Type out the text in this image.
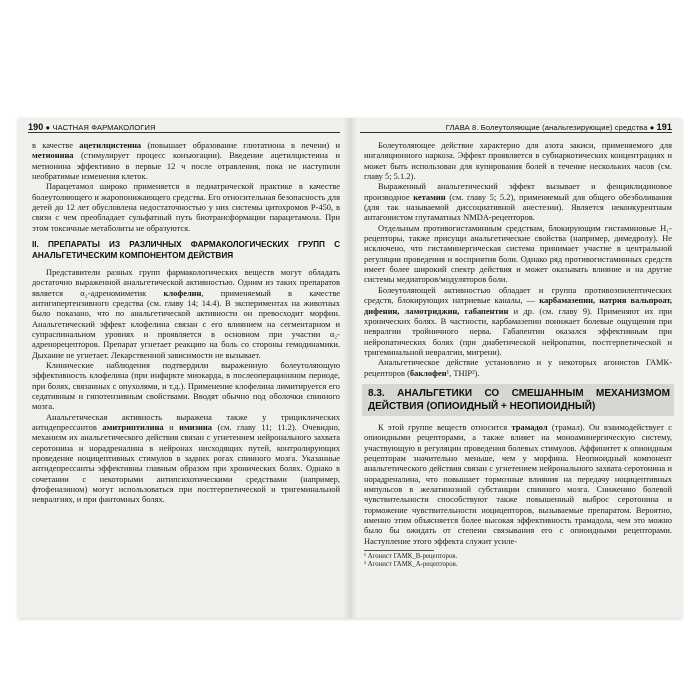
190 ● ЧАСТНАЯ ФАРМАКОЛОГИЯ

в качестве ацетилцистеина (повышает образование глютатиона в печени) и метионина (стимулирует процесс конъюгации). Введение ацетилцистеина и метионина эффективно в первые 12 ч после отравления, пока не наступили необратимые изменения клеток.

Парацетамол широко применяется в педиатрической практике в качестве болеутоляющего и жаропонижающего средства. Его относительная безопасность для детей до 12 лет обусловлена недостаточностью у них системы цитохромов Р-450, в связи с чем преобладает сульфатный путь биотрансформации парацетамола. При этом токсичные метаболиты не образуются.

II. ПРЕПАРАТЫ ИЗ РАЗЛИЧНЫХ ФАРМАКОЛОГИЧЕСКИХ ГРУПП С АНАЛЬГЕТИЧЕСКИМ КОМПОНЕНТОМ ДЕЙСТВИЯ

Представители разных групп фармакологических веществ могут обладать достаточно выраженной анальгетической активностью. Одним из таких препаратов является α₂-адреномиметик клофелин, применяемый в качестве антигипертензивного средства (см. главу 14; 14.4). В экспериментах на животных было показано, что по анальгетической активности он превосходит морфин. Анальгетический эффект клофелина связан с его влиянием на сегментарном и супраспинальном уровнях и проявляется в основном при участии α₂-адренорецепторов. Препарат угнетает реакцию на боль со стороны гемодинамики. Дыхание не угнетает. Лекарственной зависимости не вызывает.

Клинические наблюдения подтвердили выраженную болеутоляющую эффективность клофелина (при инфаркте миокарда, в послеоперационном периоде, при болях, связанных с опухолями, и т.д.). Применение клофелина лимитируется его седативным и гипотензивным свойствами. Вводят обычно под оболочки спинного мозга.

Анальгетическая активность выражена также у трициклических антидепрессантов амитриптилина и имизина (см. главу 11; 11.2). Очевидно, механизм их анальгетического действия связан с угнетением нейронального захвата серотонина и норадреналина в нейронах нисходящих путей, контролирующих проведение ноцицептивных стимулов в задних рогах спинного мозга. Указанные антидепрессанты эффективны главным образом при хронических болях. Однако в сочетании с некоторыми антипсихотическими средствами (например, фтофеназином) могут использоваться при постгерпетической и тригеминальной невралгиях, и при фантомных болях.

ГЛАВА 8. Болеутоляющие (анальгезирующие) средства ● 191

Болеутоляющее действие характерно для азота закиси, применяемого для ингаляционного наркоза. Эффект проявляется в субнаркотических концентрациях и может быть использован для купирования болей в течение нескольких часов (см. главу 5; 5.1.2).

Выраженный анальгетический эффект вызывает и фенциклидиновое производное кетамин (см. главу 5; 5.2), применяемый для общего обезболивания (для так называемой диссоциативной анестезии). Является неконкурентным антагонистом глутаматных NMDA-рецепторов.

Отдельным противогистаминным средствам, блокирующим гистаминовые H₁-рецепторы, также присущи анальгетические свойства (например, димедролу). Не исключено, что гистаминергическая система принимает участие в центральной регуляции проведения и восприятия боли. Однако ряд противогистаминных средств имеет более широкий спектр действия и может оказывать влияние и на другие системы медиаторов/модуляторов боли.

Болеутоляющей активностью обладает и группа противоэпилептических средств, блокирующих натриевые каналы, — карбамазепин, натрия вальпроат, дифенин, ламотриджин, габапентин и др. (см. главу 9). Применяют их при хронических болях. В частности, карбамазепин понижает болевые ощущения при невралгии тройничного нерва. Габапентин оказался эффективным при нейропатических болях (при диабетической нейропатии, постгерпетической и тригеминальной невралгии, мигрени).

Анальгетическое действие установлено и у некоторых агонистов ГАМК-рецепторов (баклофен¹, THIP²).

8.3. АНАЛЬГЕТИКИ СО СМЕШАННЫМ МЕХАНИЗМОМ ДЕЙСТВИЯ (ОПИОИДНЫЙ + НЕОПИОИДНЫЙ)

К этой группе веществ относится трамадол (трамал). Он взаимодействует с опиоидными рецепторами, а также влияет на моноаминергическую систему, участвующую в регуляции проведения болевых стимулов. Аффинитет к опиоидным рецепторам значительно меньше, чем у морфина. Неопиоидный компонент анальгетического действия связан с угнетением нейронального захвата серотонина и норадреналина, что повышает тормозные влияния на передачу ноцицептивных импульсов в желатинозной субстанции спинного мозга. Снижению болевой чувствительности способствуют также повышенный выброс серотонина и торможение чувствительности ноцицепторов, вызываемые препаратом. Вероятно, именно этим объясняется более высокая эффективность трамадола, чем это можно было бы ожидать от степени связывания его с опиоидными рецепторами. Наступление этого эффекта служит усиле-

¹ Агонист ГАМК_B-рецепторов.

² Агонист ГАМК_A-рецепторов.
